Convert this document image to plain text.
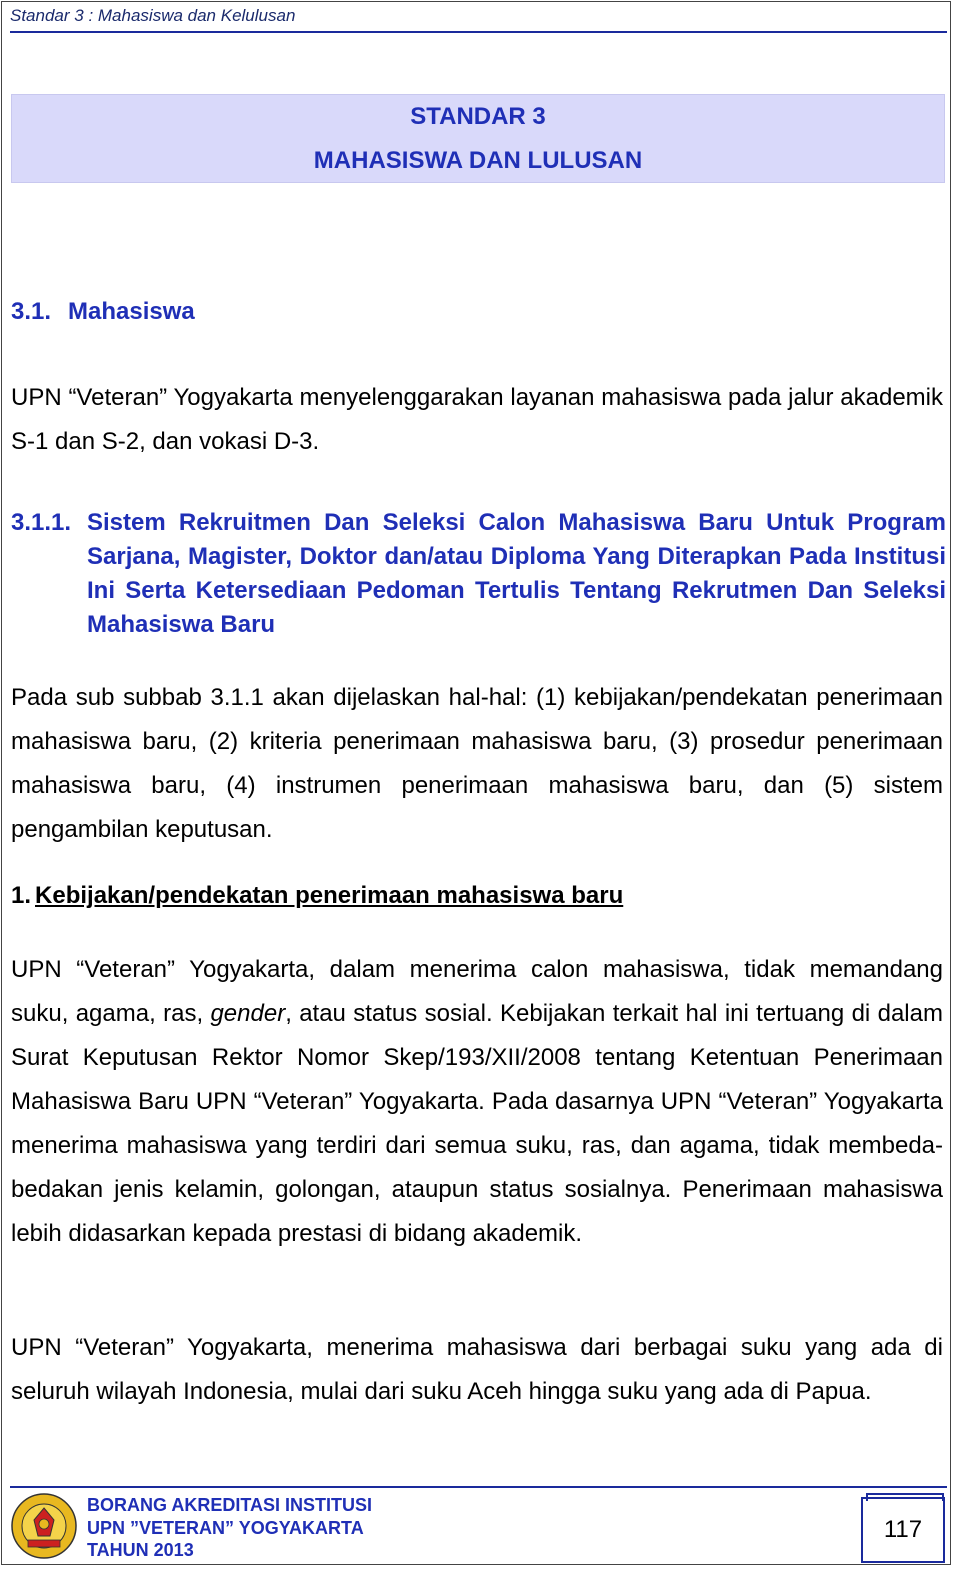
Standar 3 : Mahasiswa dan Kelulusan
STANDAR 3
MAHASISWA DAN LULUSAN
3.1. Mahasiswa
UPN “Veteran” Yogyakarta menyelenggarakan layanan mahasiswa pada jalur akademik S-1 dan S-2, dan vokasi D-3.
3.1.1. Sistem Rekruitmen Dan Seleksi Calon Mahasiswa Baru Untuk Program Sarjana, Magister, Doktor dan/atau Diploma Yang Diterapkan Pada Institusi Ini Serta Ketersediaan Pedoman Tertulis Tentang Rekrutmen Dan Seleksi Mahasiswa Baru
Pada sub subbab 3.1.1 akan dijelaskan hal-hal: (1) kebijakan/pendekatan penerimaan mahasiswa baru, (2) kriteria penerimaan mahasiswa baru, (3) prosedur penerimaan mahasiswa baru, (4) instrumen penerimaan mahasiswa baru, dan (5) sistem pengambilan keputusan.
1. Kebijakan/pendekatan penerimaan mahasiswa baru
UPN “Veteran” Yogyakarta, dalam menerima calon mahasiswa, tidak memandang suku, agama, ras, gender, atau status sosial. Kebijakan terkait hal ini tertuang di dalam Surat Keputusan Rektor Nomor Skep/193/XII/2008 tentang Ketentuan Penerimaan Mahasiswa Baru UPN “Veteran” Yogyakarta. Pada dasarnya UPN “Veteran” Yogyakarta menerima mahasiswa yang terdiri dari semua suku, ras, dan agama, tidak membeda-bedakan jenis kelamin, golongan, ataupun status sosialnya. Penerimaan mahasiswa lebih didasarkan kepada prestasi di bidang akademik.
UPN “Veteran” Yogyakarta, menerima mahasiswa dari berbagai suku yang ada di seluruh wilayah Indonesia, mulai dari suku Aceh hingga suku yang ada di Papua.
BORANG AKREDITASI INSTITUSI
UPN ”VETERAN” YOGYAKARTA
TAHUN 2013
117
